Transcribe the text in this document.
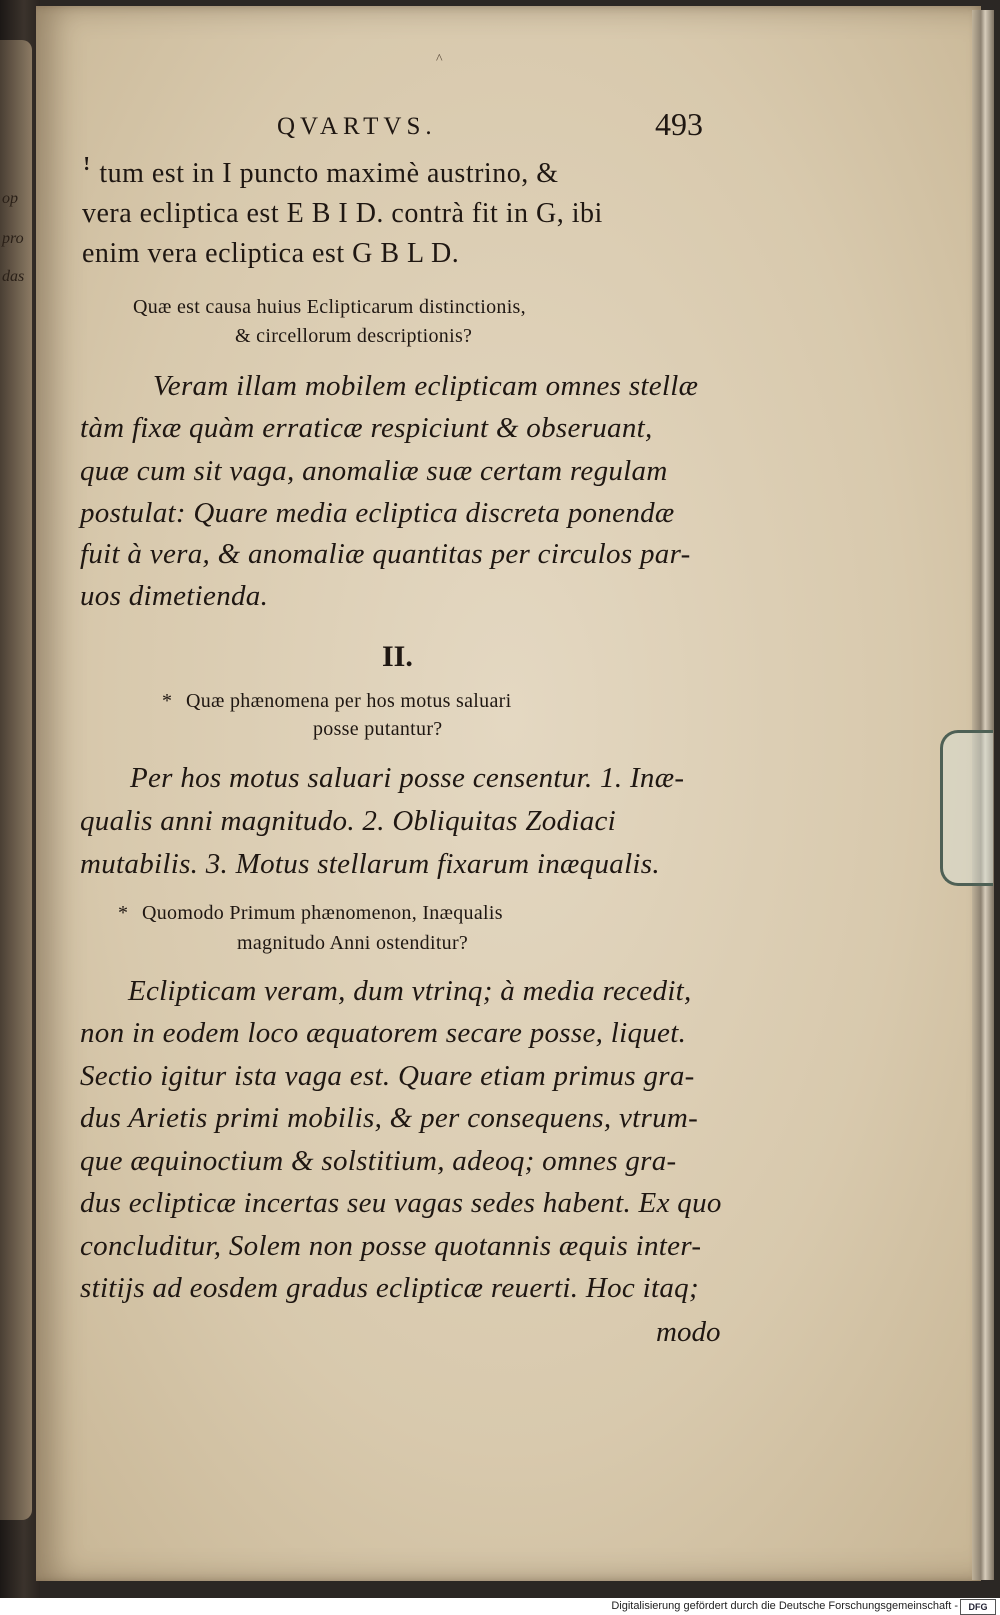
op
pro
das
^
QVARTVS.	493
ꜝ tum est in I puncto maximè austrino, &
vera ecliptica est E B I D. contrà fit in G, ibi
enim vera ecliptica est G B L D.
Quæ est causa huius Eclipticarum distinctionis,
& circellorum descriptionis?
Veram illam mobilem eclipticam omnes stellæ
tàm fixæ quàm erraticæ respiciunt & obseruant,
quæ cum sit vaga, anomaliæ suæ certam regulam
postulat: Quare media ecliptica discreta ponendæ
fuit à vera, & anomaliæ quantitas per circulos par-
uos dimetienda.
II.
* Quæ phænomena per hos motus saluari
posse putantur?
Per hos motus saluari posse censentur. 1. Inæ-
qualis anni magnitudo. 2. Obliquitas Zodiaci
mutabilis. 3. Motus stellarum fixarum inæqualis.
* Quomodo Primum phænomenon, Inæqualis
magnitudo Anni ostenditur?
Eclipticam veram, dum vtrinq; à media recedit,
non in eodem loco æquatorem secare posse, liquet.
Sectio igitur ista vaga est. Quare etiam primus gra-
dus Arietis primi mobilis, & per consequens, vtrum-
que æquinoctium & solstitium, adeoq; omnes gra-
dus eclipticæ incertas seu vagas sedes habent. Ex quo
concluditur, Solem non posse quotannis æquis inter-
stitijs ad eosdem gradus eclipticæ reuerti. Hoc itaq;
modo
Digitalisierung gefördert durch die Deutsche Forschungsgemeinschaft -	DFG
